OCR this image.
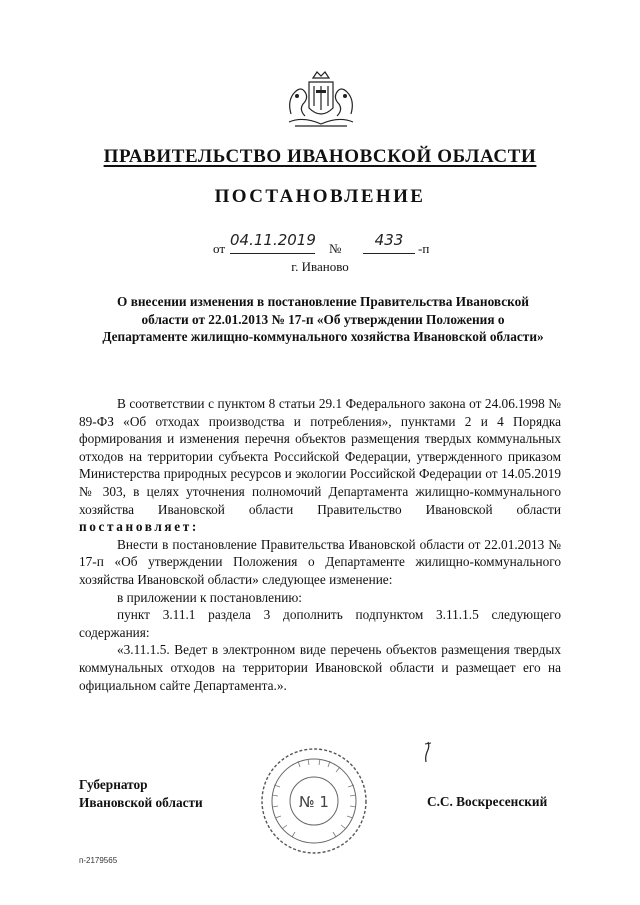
ПРАВИТЕЛЬСТВО ИВАНОВСКОЙ ОБЛАСТИ
ПОСТАНОВЛЕНИЕ
от 04.11.2019 №	433	-п
г. Иваново
О внесении изменения в постановление Правительства Ивановской области от 22.01.2013 № 17-п «Об утверждении Положения о Департаменте жилищно-коммунального хозяйства Ивановской области»

В соответствии с пунктом 8 статьи 29.1 Федерального закона от 24.06.1998 № 89-ФЗ «Об отходах производства и потребления», пунктами 2 и 4 Порядка формирования и изменения перечня объектов размещения твердых коммунальных отходов на территории субъекта Российской Федерации, утвержденного приказом Министерства природных ресурсов и экологии Российской Федерации от 14.05.2019 № 303, в целях уточнения полномочий Департамента жилищно-коммунального хозяйства Ивановской области Правительство Ивановской области постановляет:

Внести в постановление Правительства Ивановской области от 22.01.2013 № 17-п «Об утверждении Положения о Департаменте жилищно-коммунального хозяйства Ивановской области» следующее изменение:

в приложении к постановлению:

пункт 3.11.1 раздела 3 дополнить подпунктом 3.11.1.5 следующего содержания:

«3.11.1.5. Ведет в электронном виде перечень объектов размещения твердых коммунальных отходов на территории Ивановской области и размещает его на официальном сайте Департамента.».

Губернатор
Ивановской области	№ 1	С.С. Воскресенский
п-2179565
